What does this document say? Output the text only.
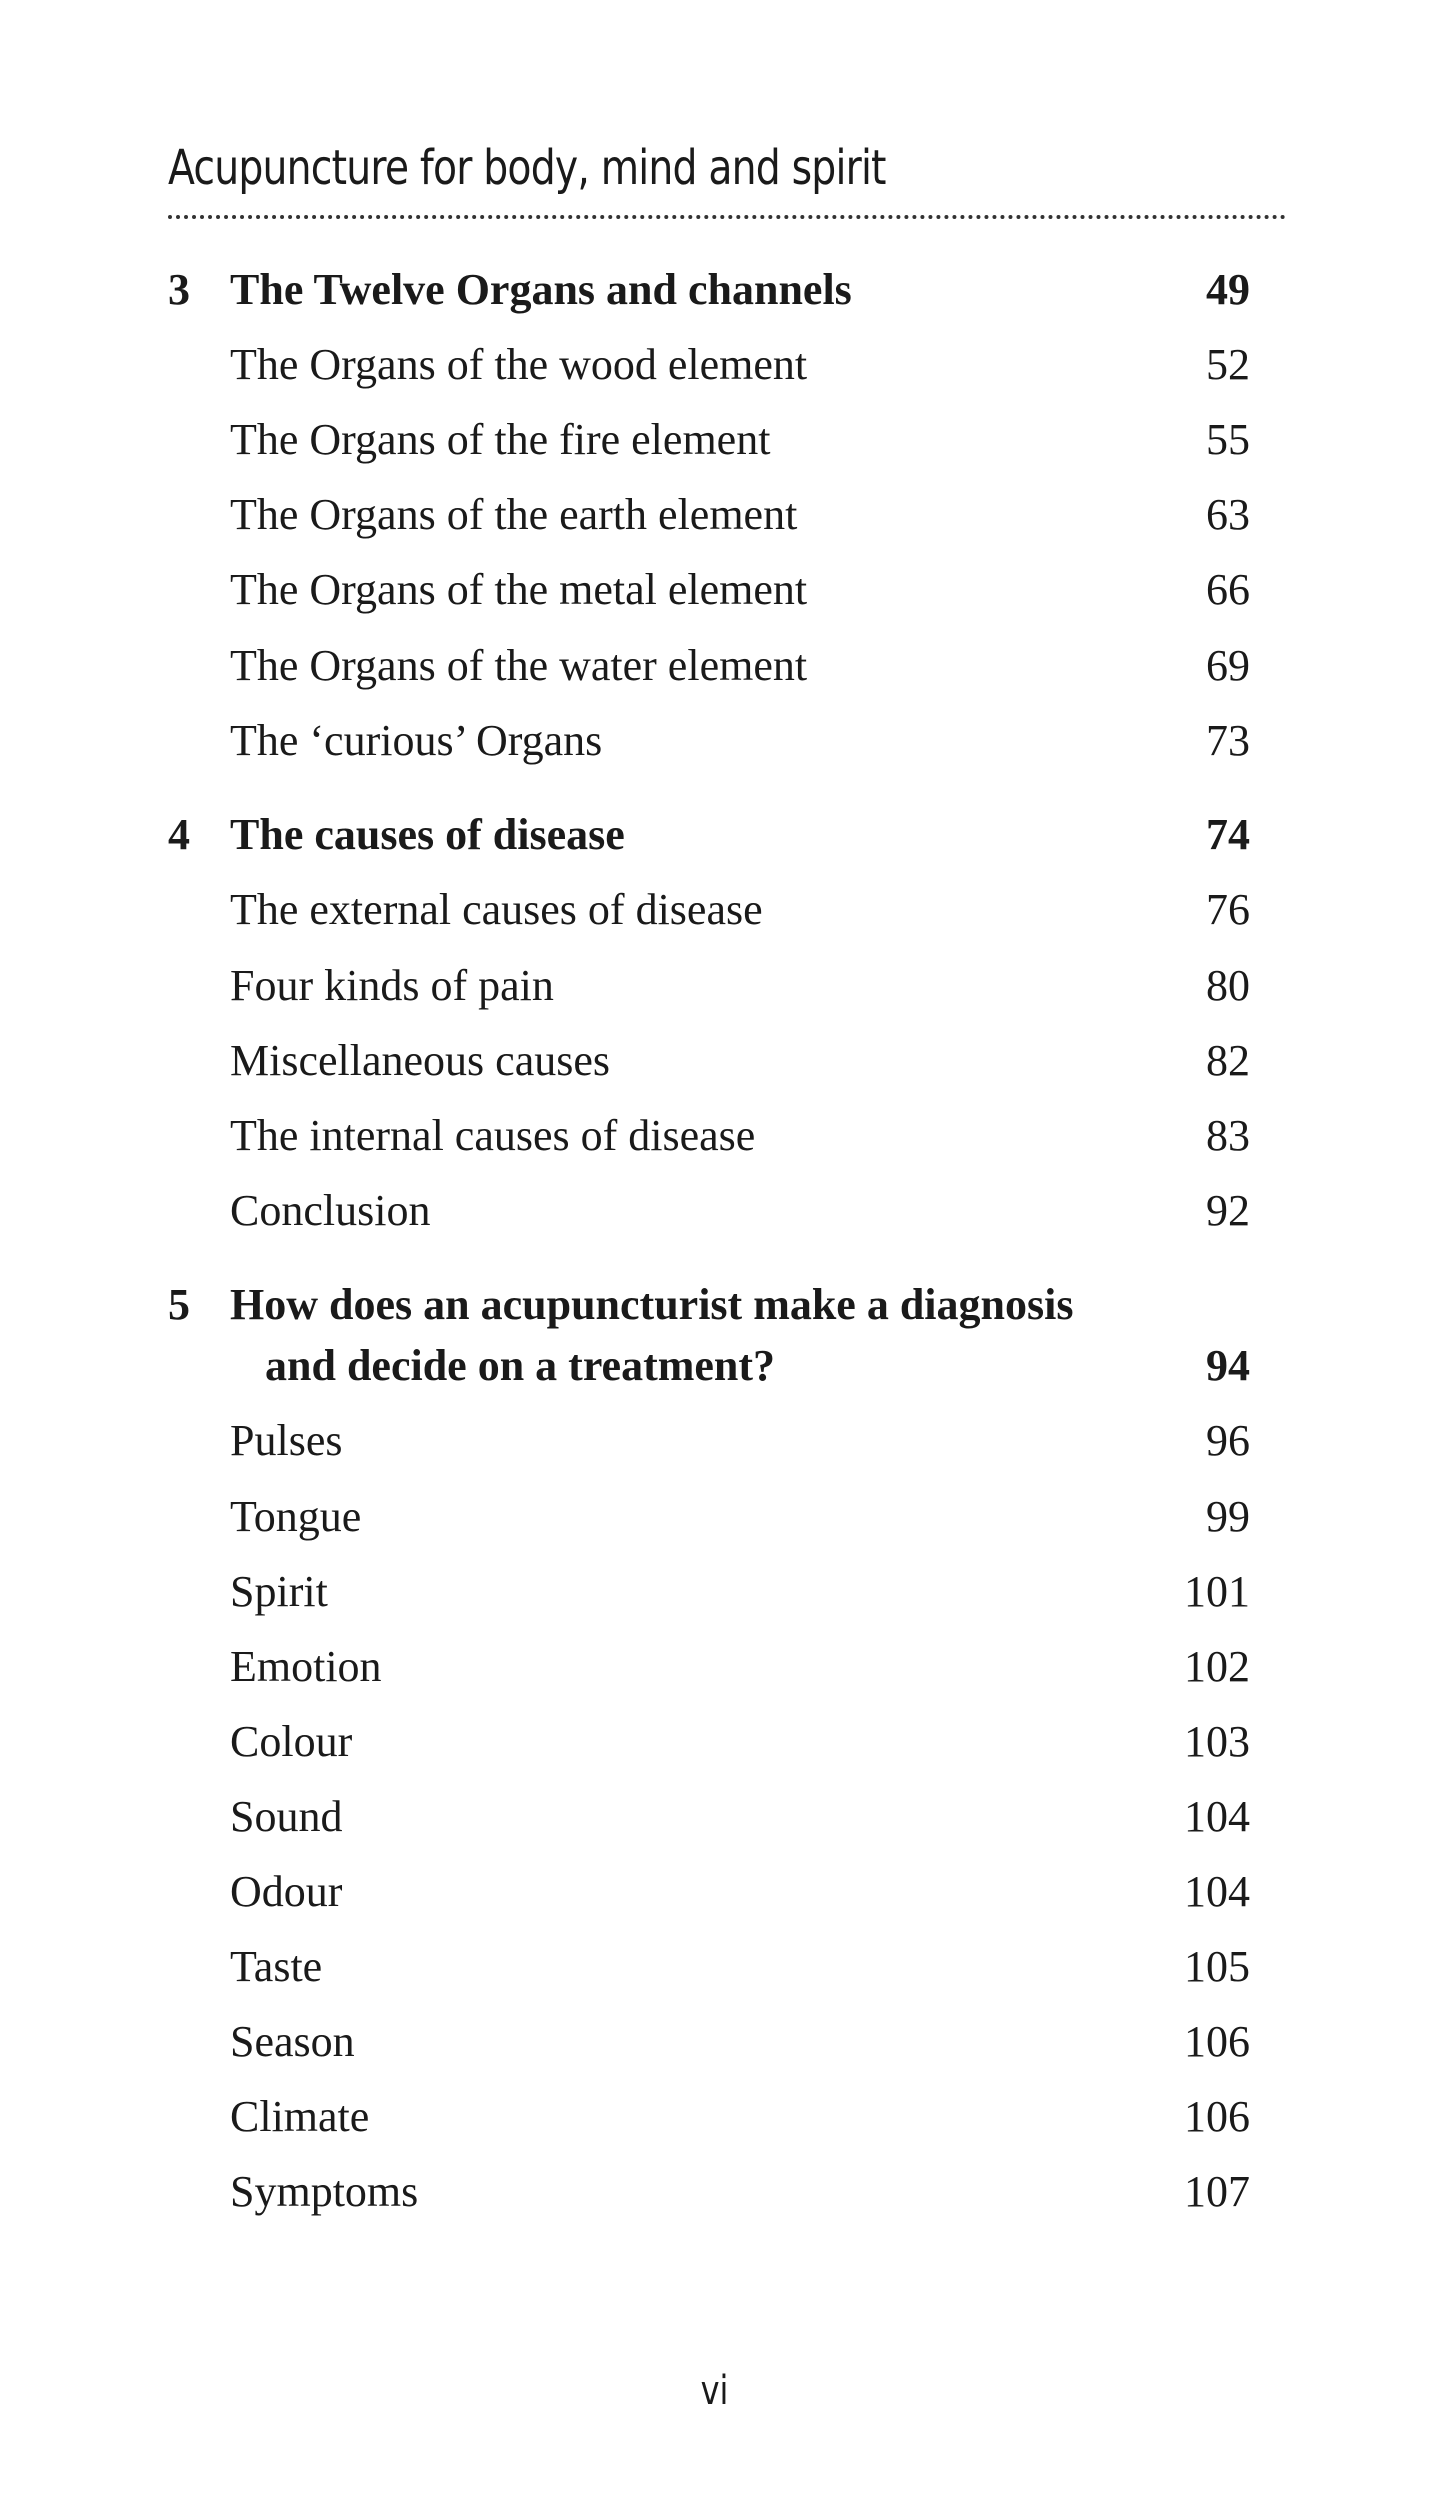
Acupuncture for body, mind and spirit
3 The Twelve Organs and channels	49
The Organs of the wood element	52
The Organs of the fire element	55
The Organs of the earth element	63
The Organs of the metal element	66
The Organs of the water element	69
The ‘curious’ Organs	73
4 The causes of disease	74
The external causes of disease	76
Four kinds of pain	80
Miscellaneous causes	82
The internal causes of disease	83
Conclusion	92
5 How does an acupuncturist make a diagnosis
and decide on a treatment?	94
Pulses	96
Tongue	99
Spirit	101
Emotion	102
Colour	103
Sound	104
Odour	104
Taste	105
Season	106
Climate	106
Symptoms	107
vi
